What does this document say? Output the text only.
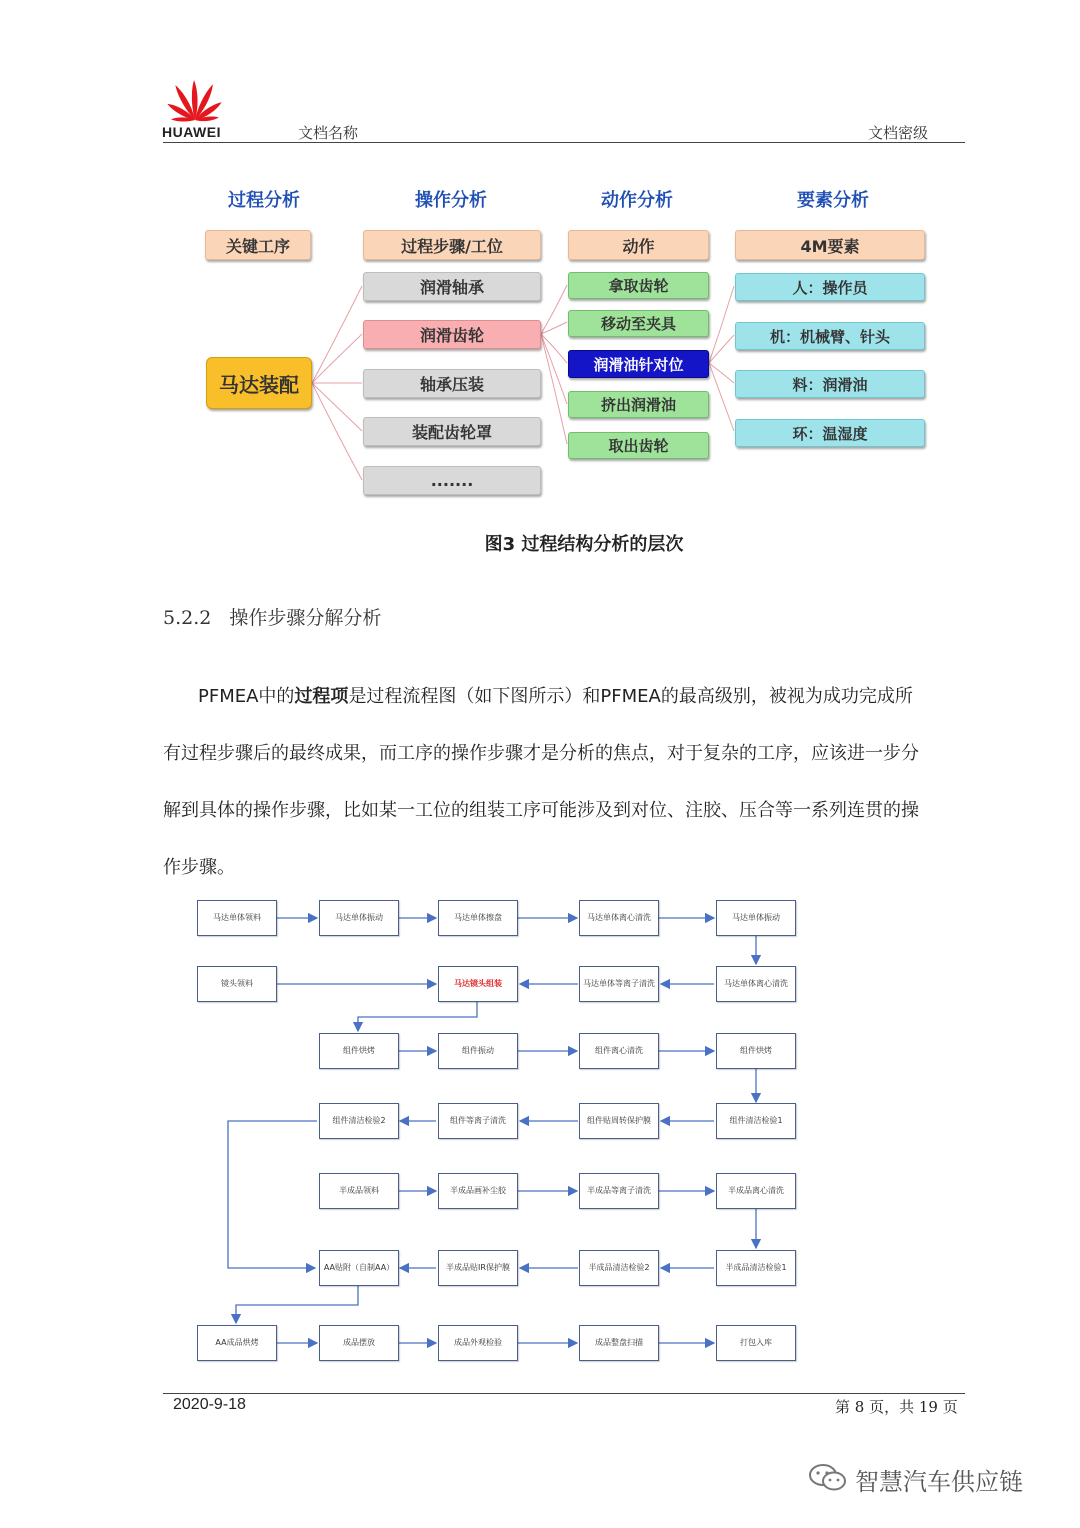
HUAWEI	文档名称	文档密级
过程分析	操作分析	动作分析	要素分析
关键工序
马达装配
过程步骤/工位
润滑轴承
润滑齿轮
轴承压装
装配齿轮罩
.......
动作
拿取齿轮
移动至夹具
润滑油针对位
挤出润滑油
取出齿轮
4M要素
人：操作员
机：机械臂、针头
料：润滑油
环：温湿度
图3 过程结构分析的层次
5.2.2 操作步骤分解分析
PFMEA中的过程项是过程流程图（如下图所示）和PFMEA的最高级别，被视为成功完成所
有过程步骤后的最终成果，而工序的操作步骤才是分析的焦点，对于复杂的工序，应该进一步分
解到具体的操作步骤，比如某一工位的组装工序可能涉及到对位、注胶、压合等一系列连贯的操
作步骤。
马达单体领料	马达单体振动	马达单体擦盘	马达单体离心清洗	马达单体振动
镜头领料	马达镜头组装	马达单体等离子清洗	马达单体离心清洗
组件烘烤	组件振动	组件离心清洗	组件烘烤
组件清洁检验2	组件等离子清洗	组件贴周转保护膜	组件清洁检验1
半成品领料	半成品画补尘胶	半成品等离子清洗	半成品离心清洗
AA贴附（自制AA）	半成品贴IR保护膜	半成品清洁检验2	半成品清洁检验1
AA成品烘烤	成品摆放	成品外观检验	成品整盘扫描	打包入库
2020-9-18	第 8 页，共 19 页
智慧汽车供应链
